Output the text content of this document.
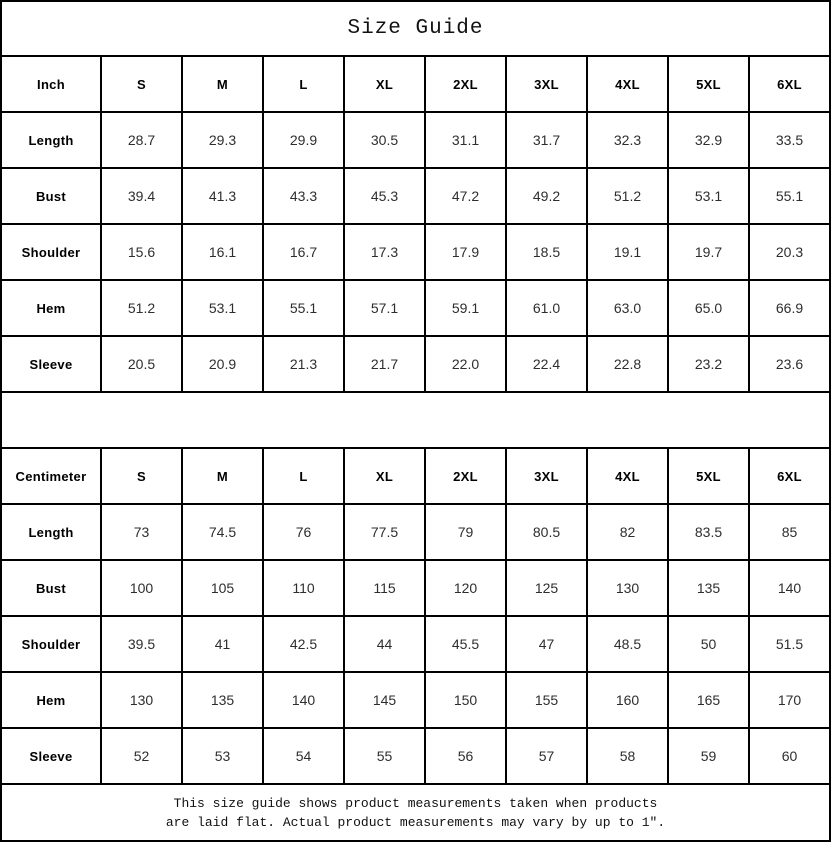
Size Guide
Inch	S	M	L	XL	2XL	3XL	4XL	5XL	6XL
Length	28.7	29.3	29.9	30.5	31.1	31.7	32.3	32.9	33.5
Bust	39.4	41.3	43.3	45.3	47.2	49.2	51.2	53.1	55.1
Shoulder	15.6	16.1	16.7	17.3	17.9	18.5	19.1	19.7	20.3
Hem	51.2	53.1	55.1	57.1	59.1	61.0	63.0	65.0	66.9
Sleeve	20.5	20.9	21.3	21.7	22.0	22.4	22.8	23.2	23.6
Centimeter	S	M	L	XL	2XL	3XL	4XL	5XL	6XL
Length	73	74.5	76	77.5	79	80.5	82	83.5	85
Bust	100	105	110	115	120	125	130	135	140
Shoulder	39.5	41	42.5	44	45.5	47	48.5	50	51.5
Hem	130	135	140	145	150	155	160	165	170
Sleeve	52	53	54	55	56	57	58	59	60
This size guide shows product measurements taken when products
are laid flat. Actual product measurements may vary by up to 1″.
